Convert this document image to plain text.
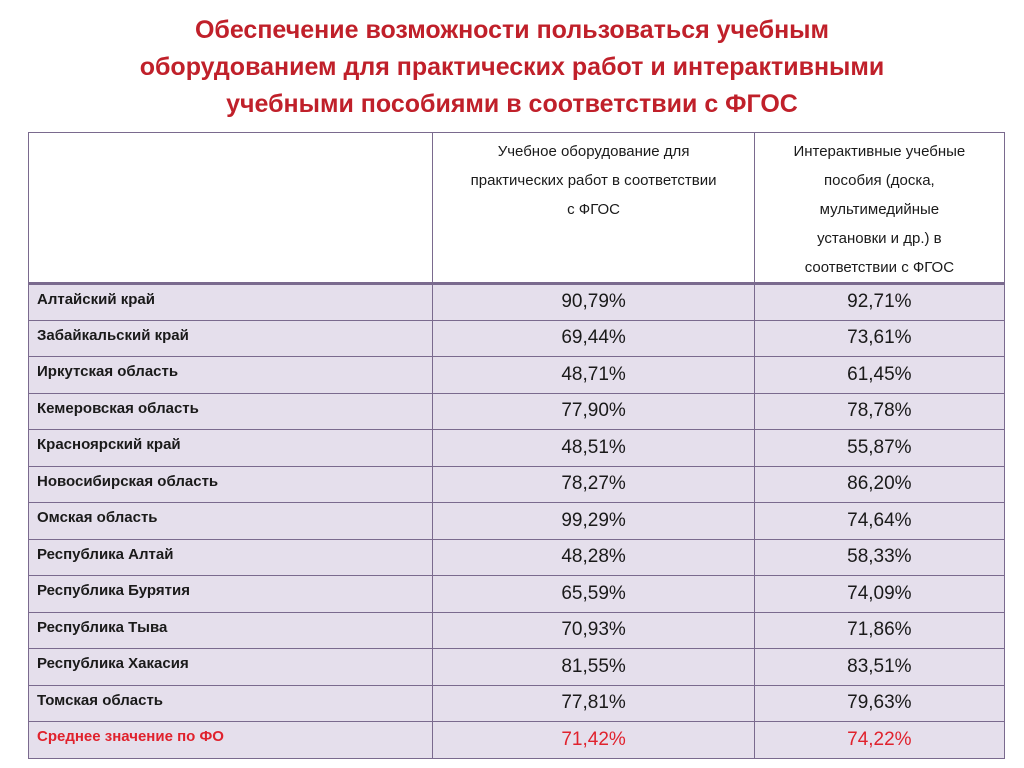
Обеспечение возможности пользоваться учебным
оборудованием для практических работ и интерактивными
учебными пособиями в соответствии с ФГОС

	Учебное оборудование для
практических работ в соответствии
с ФГОС	Интерактивные учебные
пособия (доска,
мультимедийные
установки и др.) в
соответствии с ФГОС

Алтайский край	90,79%	92,71%
Забайкальский край	69,44%	73,61%
Иркутская область	48,71%	61,45%
Кемеровская область	77,90%	78,78%
Красноярский край	48,51%	55,87%
Новосибирская область	78,27%	86,20%
Омская область	99,29%	74,64%
Республика Алтай	48,28%	58,33%
Республика Бурятия	65,59%	74,09%
Республика Тыва	70,93%	71,86%
Республика Хакасия	81,55%	83,51%
Томская область	77,81%	79,63%
Среднее значение по ФО	71,42%	74,22%
